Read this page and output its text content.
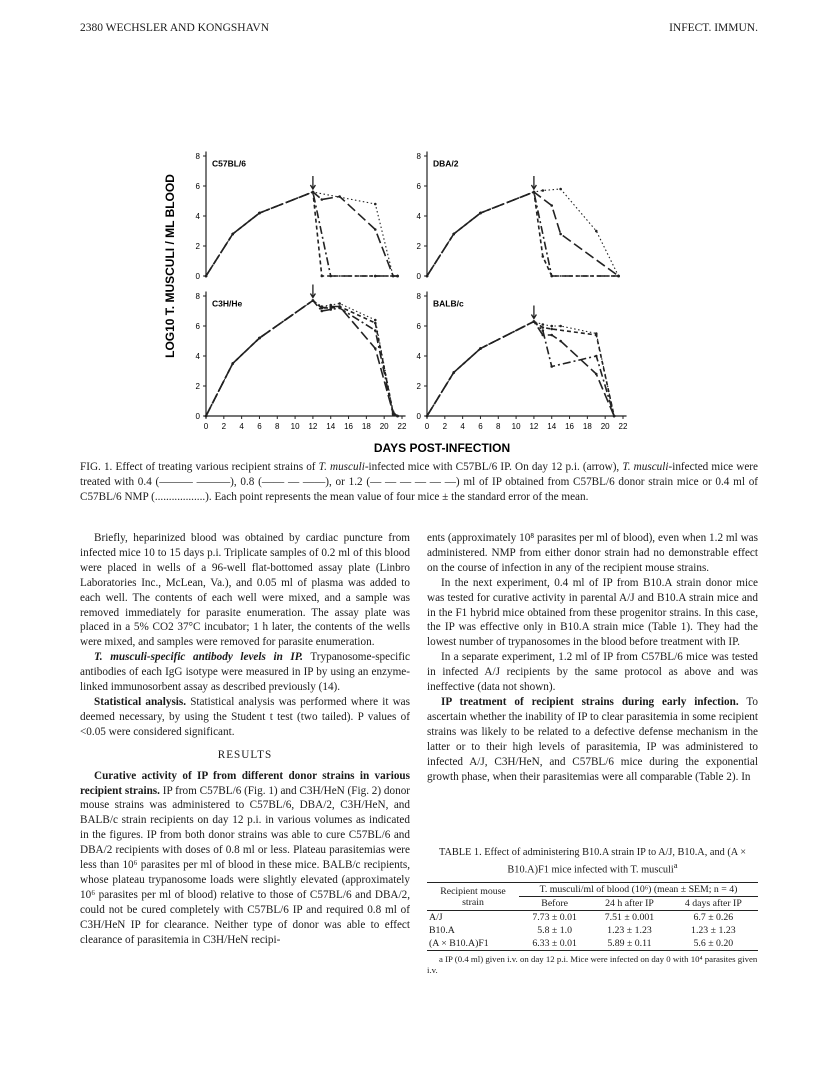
2380 WECHSLER AND KONGSHAVN	INFECT. IMMUN.
0
2
4
6
8
C57BL/6
0
2
4
6
8
DBA/2
0
2
4
6
8
0 2 4 6 8 10 12 14 16 18 20 22
C3H/He
0
2
4
6
8
0 2 4 6 8 10 12 14 16 18 20 22
BALB/c
LOG10 T. MUSCULI / ML BLOOD
DAYS POST-INFECTION
FIG. 1. Effect of treating various recipient strains of T. musculi-infected mice with C57BL/6 IP. On day 12 p.i. (arrow), T. musculi-infected mice were treated with 0.4 (——— ———), 0.8 (—— — ——), or 1.2 (— — — — — —) ml of IP obtained from C57BL/6 donor strain mice or 0.4 ml of C57BL/6 NMP (..................). Each point represents the mean value of four mice ± the standard error of the mean.

Briefly, heparinized blood was obtained by cardiac puncture from infected mice 10 to 15 days p.i. Triplicate samples of 0.2 ml of this blood were placed in wells of a 96-well flat-bottomed assay plate (Linbro Laboratories Inc., McLean, Va.), and 0.05 ml of plasma was added to each well. The contents of each well were mixed, and a sample was removed immediately for parasite enumeration. The assay plate was placed in a 5% CO2 37°C incubator; 1 h later, the contents of the wells were mixed, and samples were removed for parasite enumeration.

T. musculi-specific antibody levels in IP. Trypanosome-specific antibodies of each IgG isotype were measured in IP by using an enzyme-linked immunosorbent assay as described previously (14).

Statistical analysis. Statistical analysis was performed where it was deemed necessary, by using the Student t test (two tailed). P values of <0.05 were considered significant.

RESULTS

Curative activity of IP from different donor strains in various recipient strains. IP from C57BL/6 (Fig. 1) and C3H/HeN (Fig. 2) donor mouse strains was administered to C57BL/6, DBA/2, C3H/HeN, and BALB/c strain recipients on day 12 p.i. in various volumes as indicated in the figures. IP from both donor strains was able to cure C57BL/6 and DBA/2 recipients with doses of 0.8 ml or less. Plateau parasitemias were less than 10⁶ parasites per ml of blood in these mice. BALB/c recipients, whose plateau trypanosome loads were slightly elevated (approximately 10⁶ parasites per ml of blood) relative to those of C57BL/6 and DBA/2, could not be cured completely with C57BL/6 IP and required 0.8 ml of C3H/HeN IP for clearance. Neither type of donor was able to effect clearance of parasitemia in C3H/HeN recipi-

ents (approximately 10⁸ parasites per ml of blood), even when 1.2 ml was administered. NMP from either donor strain had no demonstrable effect on the course of infection in any of the recipient mouse strains.

In the next experiment, 0.4 ml of IP from B10.A strain donor mice was tested for curative activity in parental A/J and B10.A strain mice and in the F1 hybrid mice obtained from these progenitor strains. In this case, the IP was effective only in B10.A strain mice (Table 1). They had the lowest number of trypanosomes in the blood before treatment with IP.

In a separate experiment, 1.2 ml of IP from C57BL/6 mice was tested in infected A/J recipients by the same protocol as above and was ineffective (data not shown).

IP treatment of recipient strains during early infection. To ascertain whether the inability of IP to clear parasitemia in some recipient strains was likely to be related to a defective defense mechanism in the latter or to their high levels of parasitemia, IP was administered to infected A/J, C3H/HeN, and C57BL/6 mice during the exponential growth phase, when their parasitemias were all comparable (Table 2). In

TABLE 1. Effect of administering B10.A strain IP to A/J, B10.A, and (A × B10.A)F1 mice infected with T. musculi$^a$
Recipient mouse strain	T. musculi/ml of blood (10⁶) (mean ± SEM; n = 4)		
	Before	24 h after IP	4 days after IP
A/J	7.73 ± 0.01	7.51 ± 0.001	6.7 ± 0.26
B10.A	5.8 ± 1.0	1.23 ± 1.23	1.23 ± 1.23
(A × B10.A)F1	6.33 ± 0.01	5.89 ± 0.11	5.6 ± 0.20
a IP (0.4 ml) given i.v. on day 12 p.i. Mice were infected on day 0 with 10⁴ parasites given i.v.
